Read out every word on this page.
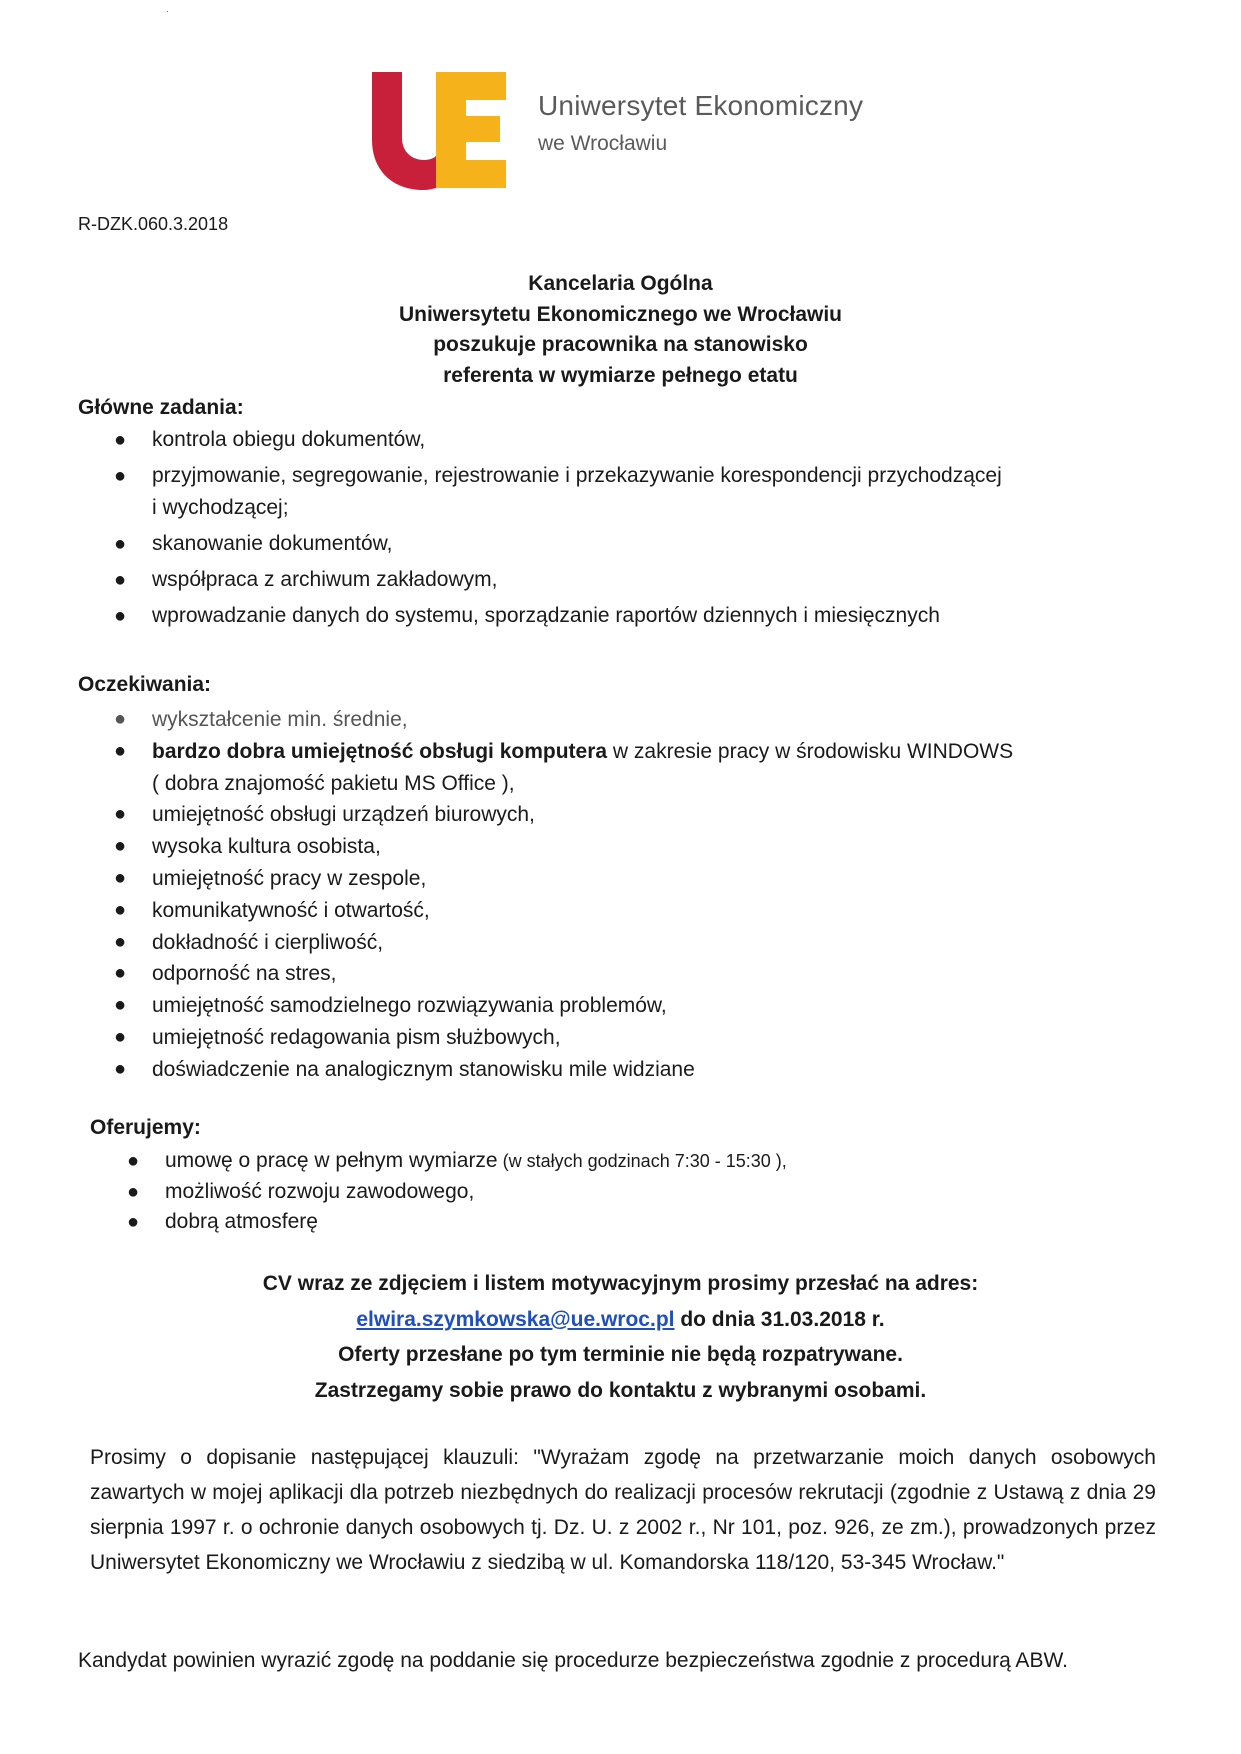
.
Uniwersytet Ekonomiczny
we Wrocławiu
R-DZK.060.3.2018
Kancelaria Ogólna
Uniwersytetu Ekonomicznego we Wrocławiu
poszukuje pracownika na stanowisko
referenta w wymiarze pełnego etatu
Główne zadania:
● kontrola obiegu dokumentów,
● przyjmowanie, segregowanie, rejestrowanie i przekazywanie korespondencji przychodzącej
i wychodzącej;
● skanowanie dokumentów,
● współpraca z archiwum zakładowym,
● wprowadzanie danych do systemu, sporządzanie raportów dziennych i miesięcznych
Oczekiwania:
● wykształcenie min. średnie,
● bardzo dobra umiejętność obsługi komputera w zakresie pracy w środowisku WINDOWS
( dobra znajomość pakietu MS Office ),
● umiejętność obsługi urządzeń biurowych,
● wysoka kultura osobista,
● umiejętność pracy w zespole,
● komunikatywność i otwartość,
● dokładność i cierpliwość,
● odporność na stres,
● umiejętność samodzielnego rozwiązywania problemów,
● umiejętność redagowania pism służbowych,
● doświadczenie na analogicznym stanowisku mile widziane
Oferujemy:
● umowę o pracę w pełnym wymiarze (w stałych godzinach 7:30 - 15:30 ),
● możliwość rozwoju zawodowego,
● dobrą atmosferę
CV wraz ze zdjęciem i listem motywacyjnym prosimy przesłać na adres:
elwira.szymkowska@ue.wroc.pl do dnia 31.03.2018 r.
Oferty przesłane po tym terminie nie będą rozpatrywane.
Zastrzegamy sobie prawo do kontaktu z wybranymi osobami.
Prosimy o dopisanie następującej klauzuli: "Wyrażam zgodę na przetwarzanie moich danych osobowych zawartych w mojej aplikacji dla potrzeb niezbędnych do realizacji procesów rekrutacji (zgodnie z Ustawą z dnia 29 sierpnia 1997 r. o ochronie danych osobowych tj. Dz. U. z 2002 r., Nr 101, poz. 926, ze zm.), prowadzonych przez Uniwersytet Ekonomiczny we Wrocławiu z siedzibą w ul. Komandorska 118/120, 53-345 Wrocław."
Kandydat powinien wyrazić zgodę na poddanie się procedurze bezpieczeństwa zgodnie z procedurą ABW.
